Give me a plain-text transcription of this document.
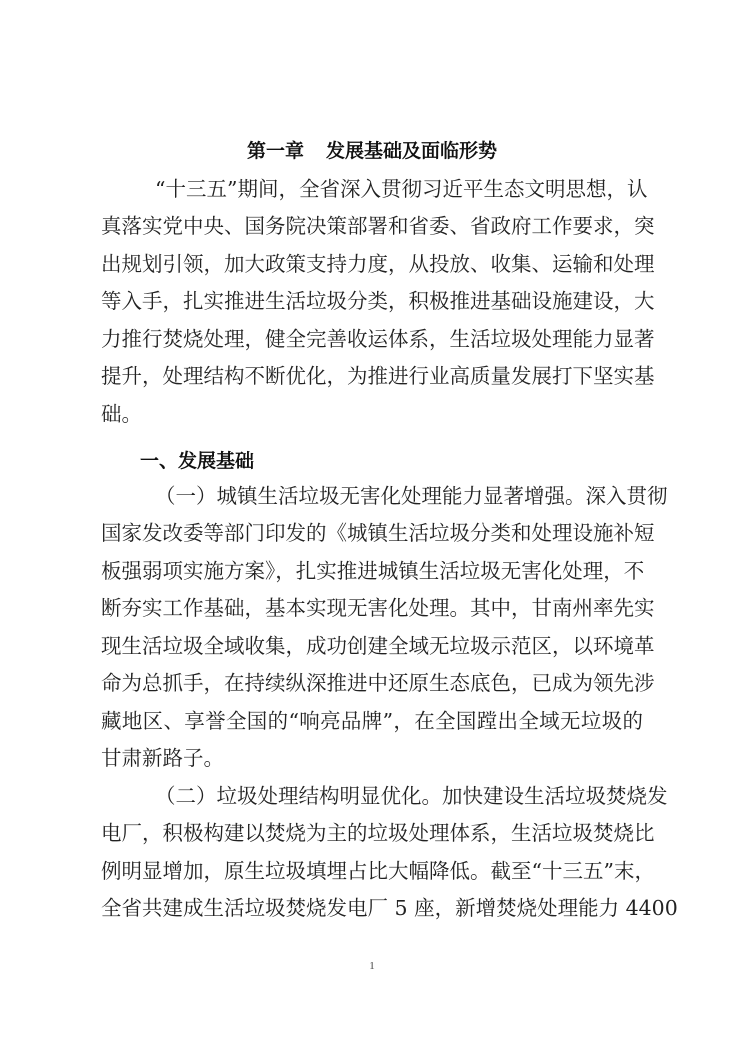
第一章 发展基础及面临形势
“十三五”期间，全省深入贯彻习近平生态文明思想，认
真落实党中央、国务院决策部署和省委、省政府工作要求，突
出规划引领，加大政策支持力度，从投放、收集、运输和处理
等入手，扎实推进生活垃圾分类，积极推进基础设施建设，大
力推行焚烧处理，健全完善收运体系，生活垃圾处理能力显著
提升，处理结构不断优化，为推进行业高质量发展打下坚实基
础。
一、发展基础
（一）城镇生活垃圾无害化处理能力显著增强。深入贯彻
国家发改委等部门印发的《城镇生活垃圾分类和处理设施补短
板强弱项实施方案》，扎实推进城镇生活垃圾无害化处理，不
断夯实工作基础，基本实现无害化处理。其中，甘南州率先实
现生活垃圾全域收集，成功创建全域无垃圾示范区，以环境革
命为总抓手，在持续纵深推进中还原生态底色，已成为领先涉
藏地区、享誉全国的“响亮品牌”，在全国蹚出全域无垃圾的
甘肃新路子。
（二）垃圾处理结构明显优化。加快建设生活垃圾焚烧发
电厂，积极构建以焚烧为主的垃圾处理体系，生活垃圾焚烧比
例明显增加，原生垃圾填埋占比大幅降低。截至“十三五”末，
全省共建成生活垃圾焚烧发电厂 5 座，新增焚烧处理能力 4400
1
